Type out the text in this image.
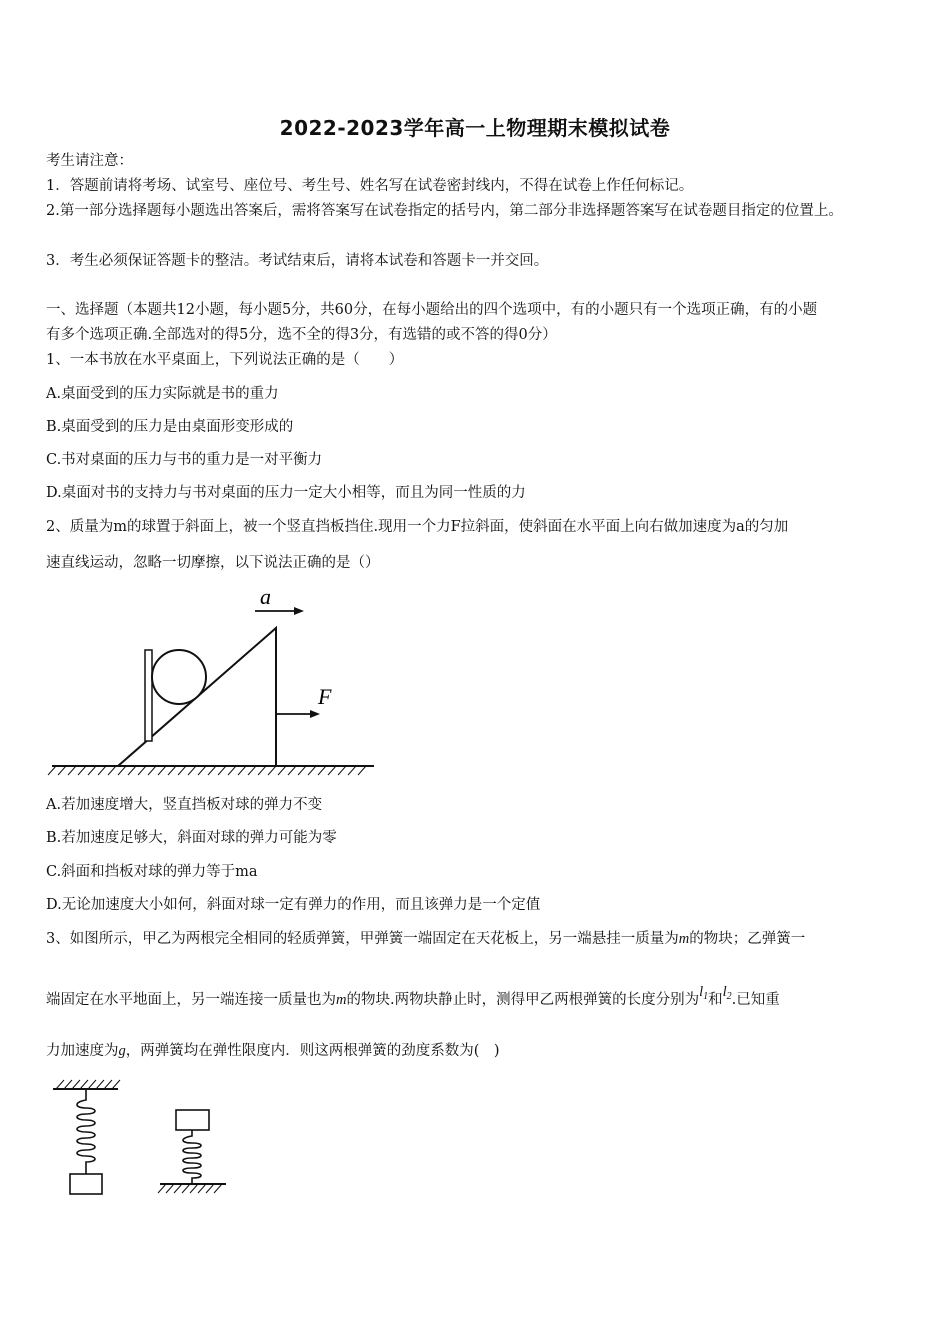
2022-2023学年高一上物理期末模拟试卷
考生请注意：
1．答题前请将考场、试室号、座位号、考生号、姓名写在试卷密封线内，不得在试卷上作任何标记。
2.第一部分选择题每小题选出答案后，需将答案写在试卷指定的括号内，第二部分非选择题答案写在试卷题目指定的位置上。
3．考生必须保证答题卡的整洁。考试结束后，请将本试卷和答题卡一并交回。
一、选择题（本题共12小题，每小题5分，共60分，在每小题给出的四个选项中，有的小题只有一个选项正确，有的小题
有多个选项正确.全部选对的得5分，选不全的得3分，有选错的或不答的得0分）
1、一本书放在水平桌面上，下列说法正确的是（　　）
A.桌面受到的压力实际就是书的重力
B.桌面受到的压力是由桌面形变形成的
C.书对桌面的压力与书的重力是一对平衡力
D.桌面对书的支持力与书对桌面的压力一定大小相等，而且为同一性质的力
2、质量为m的球置于斜面上，被一个竖直挡板挡住.现用一个力F拉斜面，使斜面在水平面上向右做加速度为a的匀加
速直线运动，忽略一切摩擦，以下说法正确的是（）
a
F
A.若加速度增大，竖直挡板对球的弹力不变
B.若加速度足够大，斜面对球的弹力可能为零
C.斜面和挡板对球的弹力等于ma
D.无论加速度大小如何，斜面对球一定有弹力的作用，而且该弹力是一个定值
3、如图所示，甲乙为两根完全相同的轻质弹簧，甲弹簧一端固定在天花板上，另一端悬挂一质量为m的物块；乙弹簧一
端固定在水平地面上，另一端连接一质量也为m的物块.两物块静止时，测得甲乙两根弹簧的长度分别为$l_1$和$l_2$.已知重
力加速度为g，两弹簧均在弹性限度内．则这两根弹簧的劲度系数为(　)
